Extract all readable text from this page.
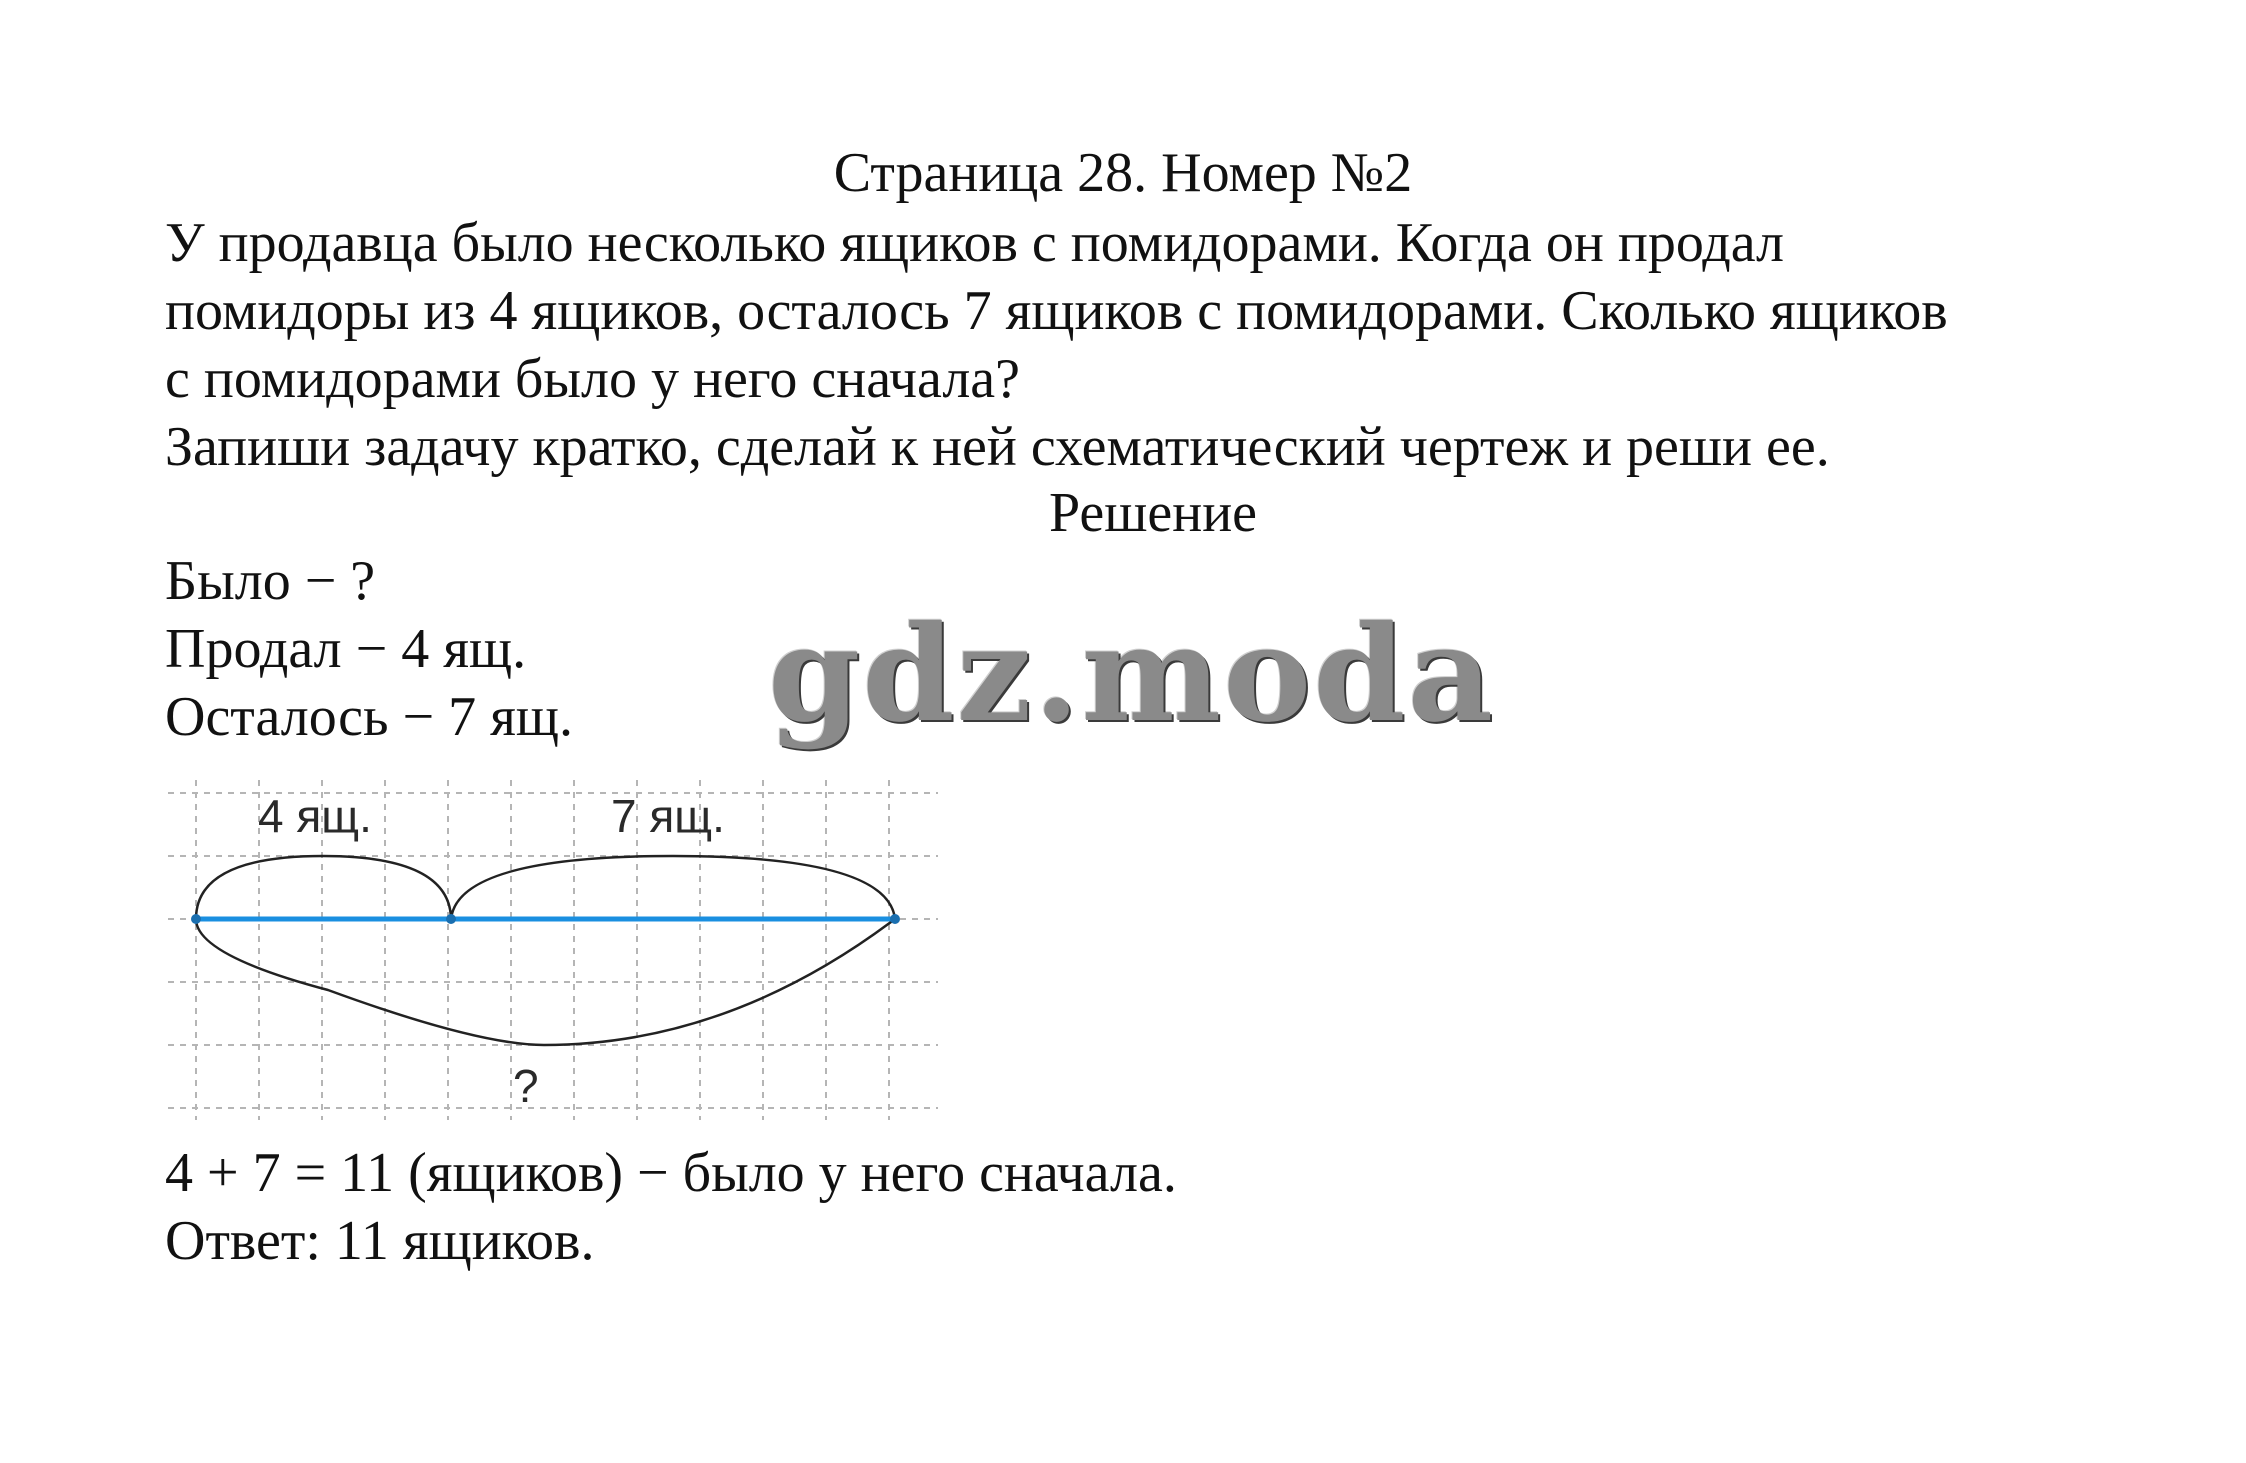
Страница 28. Номер №2
У продавца было несколько ящиков с помидорами. Когда он продал
помидоры из 4 ящиков, осталось 7 ящиков с помидорами. Сколько ящиков
с помидорами было у него сначала?
Запиши задачу кратко, сделай к ней схематический чертеж и реши ее.
Решение
Было − ?
Продал − 4 ящ.
Осталось − 7 ящ. gdz.moda
4 ящ.	7 ящ.
?
4 + 7 = 11 (ящиков) − было у него сначала.
Ответ: 11 ящиков.
